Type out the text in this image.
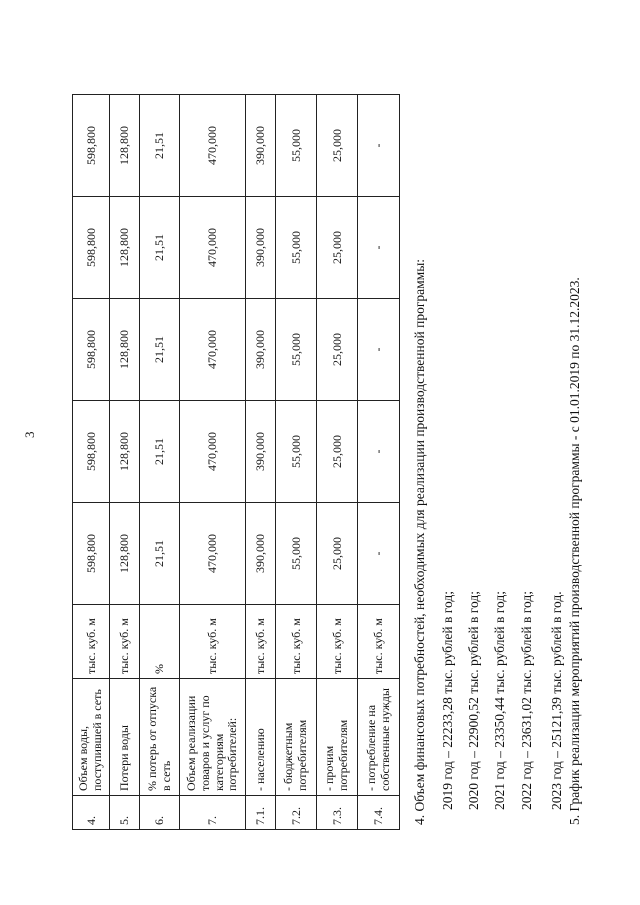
3
4.	Объем воды, поступившей в сеть	тыс. куб. м	598,800	598,800	598,800	598,800	598,800
5.	Потери воды	тыс. куб. м	128,800	128,800	128,800	128,800	128,800
6.	% потерь от отпуска в сеть	%	21,51	21,51	21,51	21,51	21,51
7.	Объем реализации товаров и услуг по категориям потребителей:	тыс. куб. м	470,000	470,000	470,000	470,000	470,000
7.1.	- населению	тыс. куб. м	390,000	390,000	390,000	390,000	390,000
7.2.	- бюджетным потребителям	тыс. куб. м	55,000	55,000	55,000	55,000	55,000
7.3.	- прочим потребителям	тыс. куб. м	25,000	25,000	25,000	25,000	25,000
7.4.	- потребление на собственные нужды	тыс. куб. м	-	-	-	-	-
4. Объем финансовых потребностей, необходимых для реализации производственной программы: 2019 год – 22233,28 тыс. рублей в год; 2020 год – 22900,52 тыс. рублей в год; 2021 год – 23350,44 тыс. рублей в год; 2022 год – 23631,02 тыс. рублей в год; 2023 год – 25121,39 тыс. рублей в год. 5. График реализации мероприятий производственной программы - с 01.01.2019 по 31.12.2023.
